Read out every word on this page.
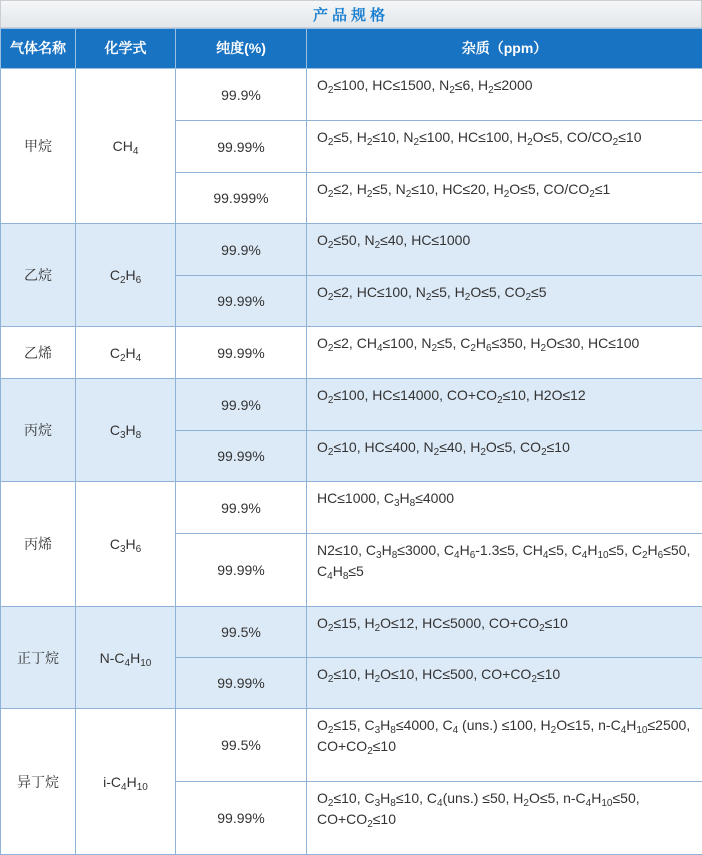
产品规格
气体名称	化学式	纯度(%)	杂质（ppm）
甲烷	$CH_4$	99.9%	$O_2\le 100$, HC≤1500, $N_2\le 6$, $H_2\le 2000$
		99.99%	$O_2\le 5$, $H_2\le 10$, $N_2\le 100$, HC≤100, $H_2O\le 5$, $CO/CO_2\le 10$
		99.999%	$O_2\le 2$, $H_2\le 5$, $N_2\le 10$, HC≤20, $H_2O\le 5$, $CO/CO_2\le 1$
乙烷	$C_2H_6$	99.9%	$O_2\le 50$, $N_2\le 40$, HC≤1000
		99.99%	$O_2\le 2$, HC≤100, $N_2\le 5$, $H_2O\le 5$, $CO_2\le 5$
乙烯	$C_2H_4$	99.99%	$O_2\le 2$, $CH_4\le 100$, $N_2\le 5$, $C_2H_6\le 350$, $H_2O\le 30$, HC≤100
丙烷	$C_3H_8$	99.9%	$O_2\le 100$, HC≤14000, $CO+CO_2\le 10$, H2O≤12
		99.99%	$O_2\le 10$, HC≤400, $N_2\le 40$, $H_2O\le 5$, $CO_2\le 10$
丙烯	$C_3H_6$	99.9%	HC≤1000, $C_3H_8\le 4000$
		99.99%	N2≤10, $C_3H_8\le 3000$, $C_4H_6-1.3\le 5$, $CH_4\le 5$, $C_4H_{10}\le 5$, $C_2H_6\le 50$, $C_4H_8\le 5$
正丁烷	$N-C_4H_{10}$	99.5%	$O_2\le 15$, $H_2O\le 12$, HC≤5000, $CO+CO_2\le 10$
		99.99%	$O_2\le 10$, $H_2O\le 10$, HC≤500, $CO+CO_2\le 10$
异丁烷	$i-C_4H_{10}$	99.5%	$O_2\le 15$, $C_3H_8\le 4000$, $C_4$ (uns.) ≤100, $H_2O\le 15$, $n-C_4H_{10}\le 2500$, $CO+CO_2\le 10$
		99.99%	$O_2\le 10$, $C_3H_8\le 10$, $C_4(uns.) \le 50$, $H_2O\le 5$, $n-C_4H_{10}\le 50$, $CO+CO_2\le 10$
